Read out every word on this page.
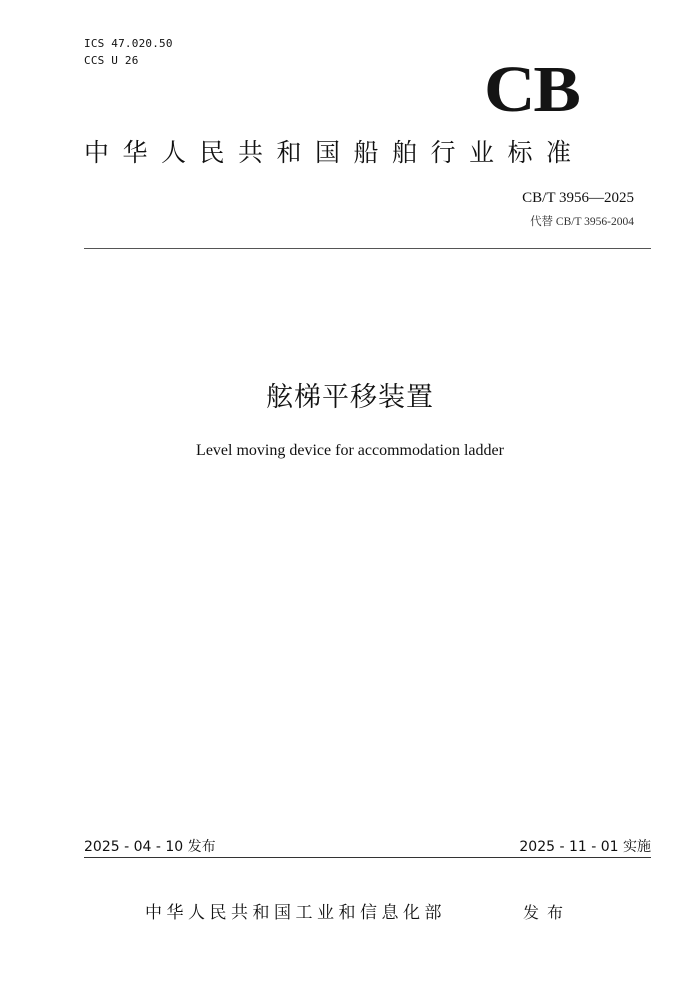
ICS 47.020.50
CCS U 26	CB
中华人民共和国船舶行业标准
CB/T 3956—2025
代替 CB/T 3956-2004
舷梯平移装置
Level moving device for accommodation ladder
2025 - 04 - 10 发布	2025 - 11 - 01 实施
中华人民共和国工业和信息化部	发布
